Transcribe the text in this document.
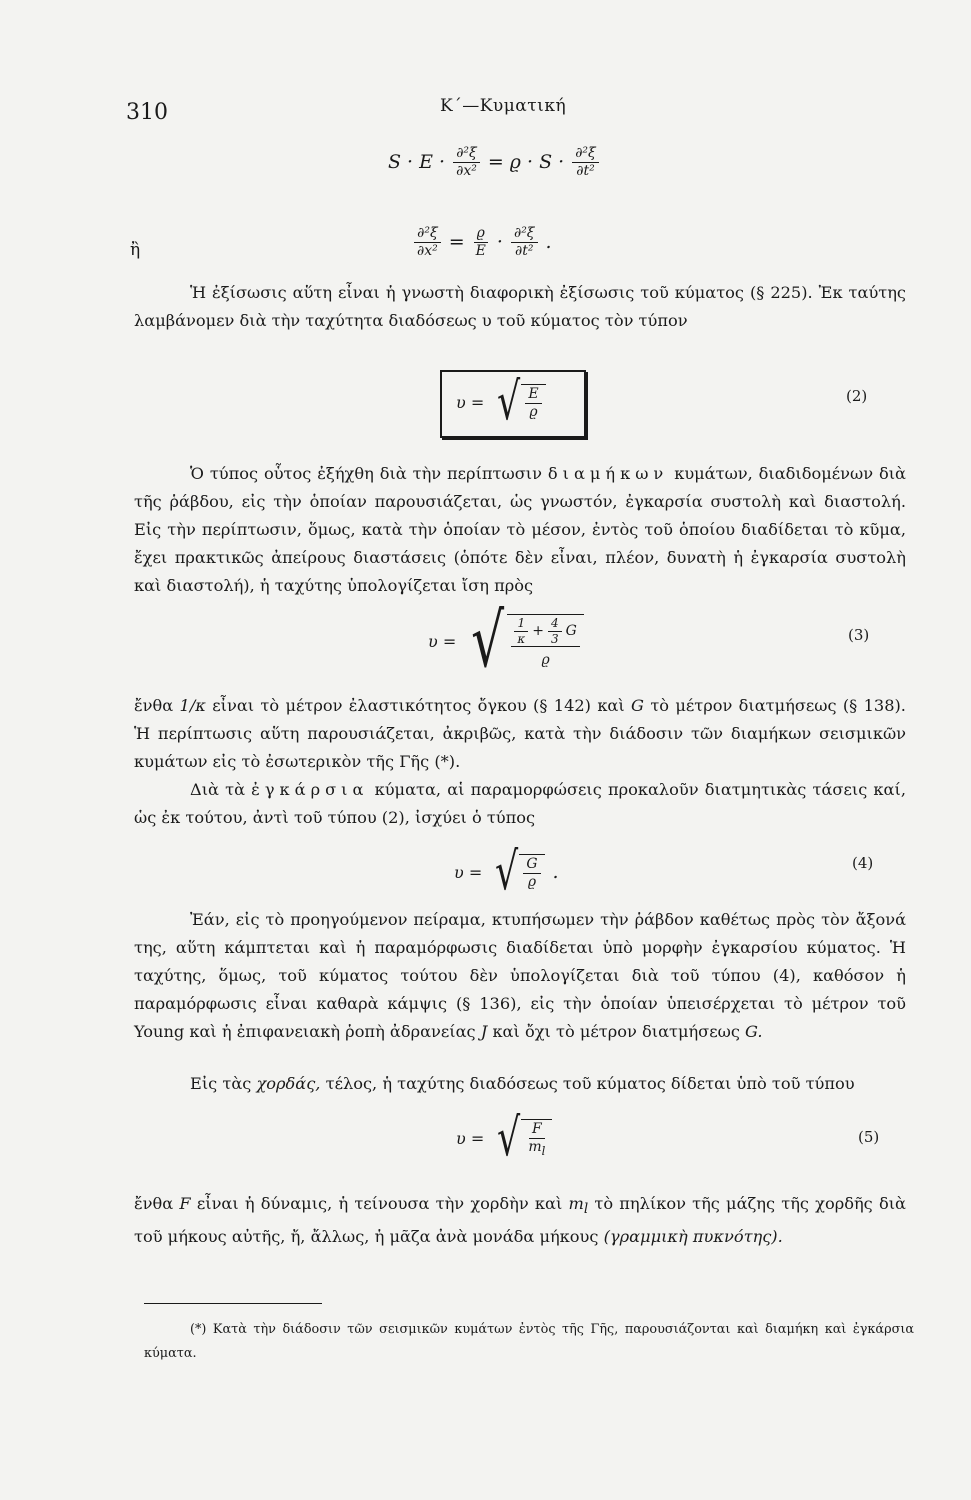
310	Κ΄—Κυματική
$S \cdot E \cdot \frac{\text{∂²ξ}}{\text{∂x²}} = ϱ \cdot S \cdot \frac{\text{∂²ξ}}{\text{∂t²}}$
ἢ	$\frac{\text{∂²ξ}}{\text{∂x²}} = \frac{ϱ}{E} \cdot \frac{\text{∂²ξ}}{\text{∂t²}}$ .

Ἡ ἐξίσωσις αὕτη εἶναι ἡ γνωστὴ διαφορικὴ ἐξίσωσις τοῦ κύματος (§ 225). Ἐκ ταύτης λαμβάνομεν διὰ τὴν ταχύτητα διαδόσεως υ τοῦ κύματος τὸν τύπον

υ = √ $\frac{E}{ϱ}$	(2)

Ὁ τύπος οὗτος ἐξήχθη διὰ τὴν περίπτωσιν διαμήκων κυμάτων, διαδιδομένων διὰ τῆς ῥάβδου, εἰς τὴν ὁποίαν παρουσιάζεται, ὡς γνωστόν, ἐγκαρσία συστολὴ καὶ διαστολή. Εἰς τὴν περίπτωσιν, ὅμως, κατὰ τὴν ὁποίαν τὸ μέσον, ἐντὸς τοῦ ὁποίου διαδίδεται τὸ κῦμα, ἔχει πρακτικῶς ἀπείρους διαστάσεις (ὁπότε δὲν εἶναι, πλέον, δυνατὴ ἡ ἐγκαρσία συστολὴ καὶ διαστολή), ἡ ταχύτης ὑπολογίζεται ἴση πρὸς

υ = √ $\frac{1}{\kappa} + \frac{4}{3}$ G
ϱ
(3)

ἔνθα 1/κ εἶναι τὸ μέτρον ἐλαστικότητος ὄγκου (§ 142) καὶ G τὸ μέτρον διατμήσεως (§ 138). Ἡ περίπτωσις αὕτη παρουσιάζεται, ἀκριβῶς, κατὰ τὴν διάδοσιν τῶν διαμήκων σεισμικῶν κυμάτων εἰς τὸ ἐσωτερικὸν τῆς Γῆς (*).

Διὰ τὰ ἐγκάρσια κύματα, αἱ παραμορφώσεις προκαλοῦν διατμητικὰς τάσεις καί, ὡς ἐκ τούτου, ἀντὶ τοῦ τύπου (2), ἰσχύει ὁ τύπος

υ = √ $\frac{G}{ϱ}$ .	(4)

Ἐάν, εἰς τὸ προηγούμενον πείραμα, κτυπήσωμεν τὴν ῥάβδον καθέτως πρὸς τὸν ἄξονά της, αὕτη κάμπτεται καὶ ἡ παραμόρφωσις διαδίδεται ὑπὸ μορφὴν ἐγκαρσίου κύματος. Ἡ ταχύτης, ὅμως, τοῦ κύματος τούτου δὲν ὑπολογίζεται διὰ τοῦ τύπου (4), καθόσον ἡ παραμόρφωσις εἶναι καθαρὰ κάμψις (§ 136), εἰς τὴν ὁποίαν ὑπεισέρχεται τὸ μέτρον τοῦ Young καὶ ἡ ἐπιφανειακὴ ῥοπὴ ἀδρανείας J καὶ ὄχι τὸ μέτρον διατμήσεως G.

Εἰς τὰς χορδάς, τέλος, ἡ ταχύτης διαδόσεως τοῦ κύματος δίδεται ὑπὸ τοῦ τύπου

υ = √ $\frac{F}{m_l}$	(5)

ἔνθα F εἶναι ἡ δύναμις, ἡ τείνουσα τὴν χορδὴν καὶ $m_l$ τὸ πηλίκον τῆς μάζης τῆς χορδῆς διὰ τοῦ μήκους αὐτῆς, ἤ, ἄλλως, ἡ μᾶζα ἀνὰ μονάδα μήκους (γραμμικὴ πυκνότης).

(*) Κατὰ τὴν διάδοσιν τῶν σεισμικῶν κυμάτων ἐντὸς τῆς Γῆς, παρουσιάζονται καὶ διαμήκη καὶ ἐγκάρσια κύματα.
